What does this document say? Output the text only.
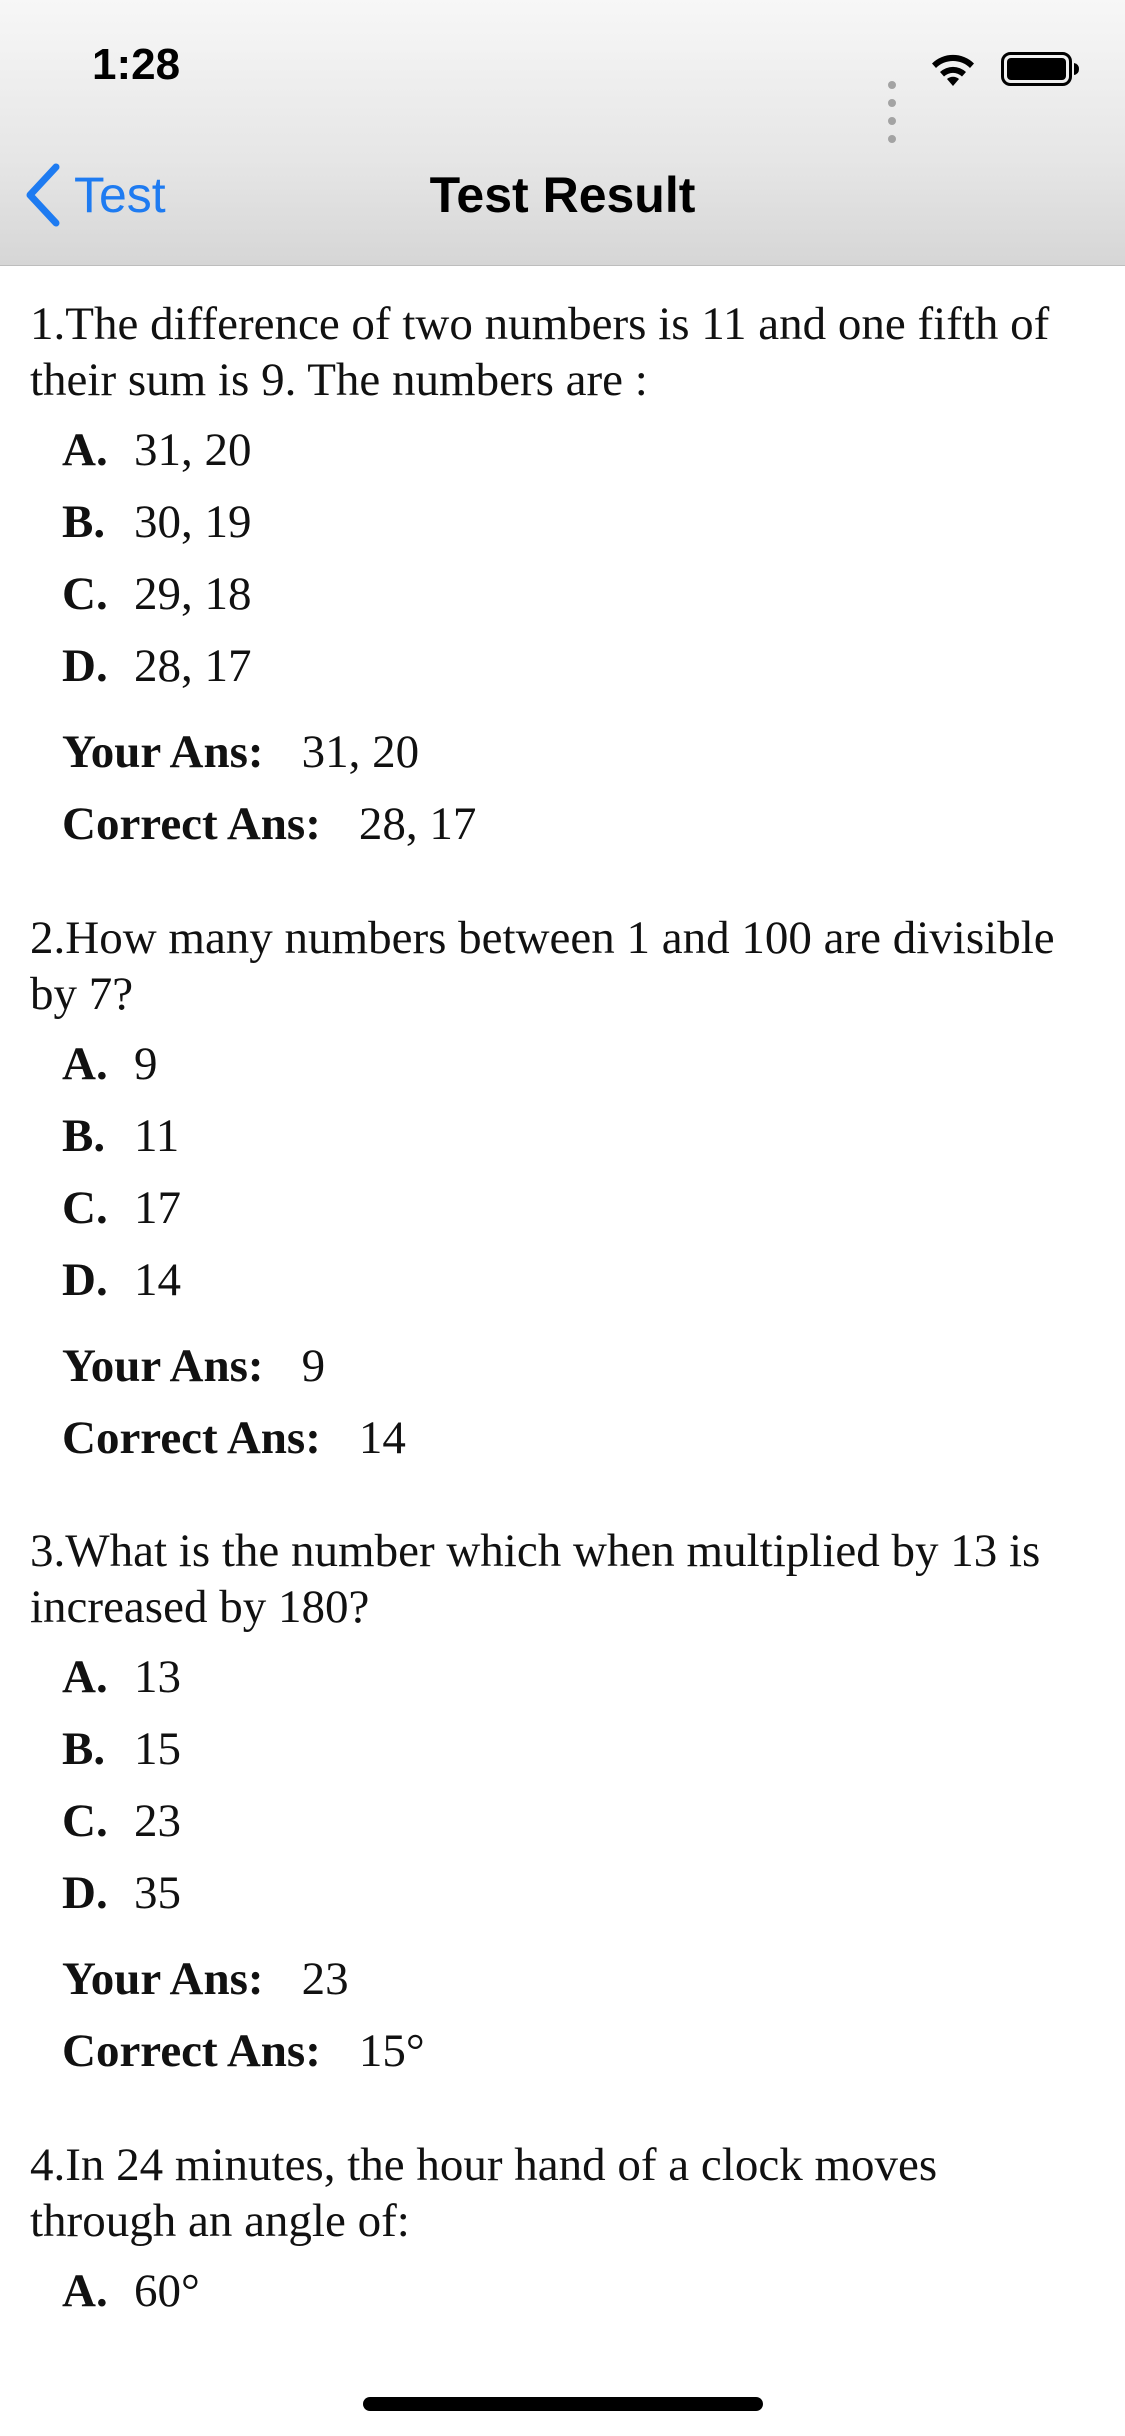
1:28
Test	Test Result
1.The difference of two numbers is 11 and one fifth of their sum is 9. The numbers are :
A. 31, 20
B. 30, 19
C. 29, 18
D. 28, 17
Your Ans: 31, 20
Correct Ans: 28, 17
2.How many numbers between 1 and 100 are divisible by 7?
A. 9
B. 11
C. 17
D. 14
Your Ans: 9
Correct Ans: 14
3.What is the number which when multiplied by 13 is increased by 180?
A. 13
B. 15
C. 23
D. 35
Your Ans: 23
Correct Ans: 15°
4.In 24 minutes, the hour hand of a clock moves through an angle of:
A. 60°
